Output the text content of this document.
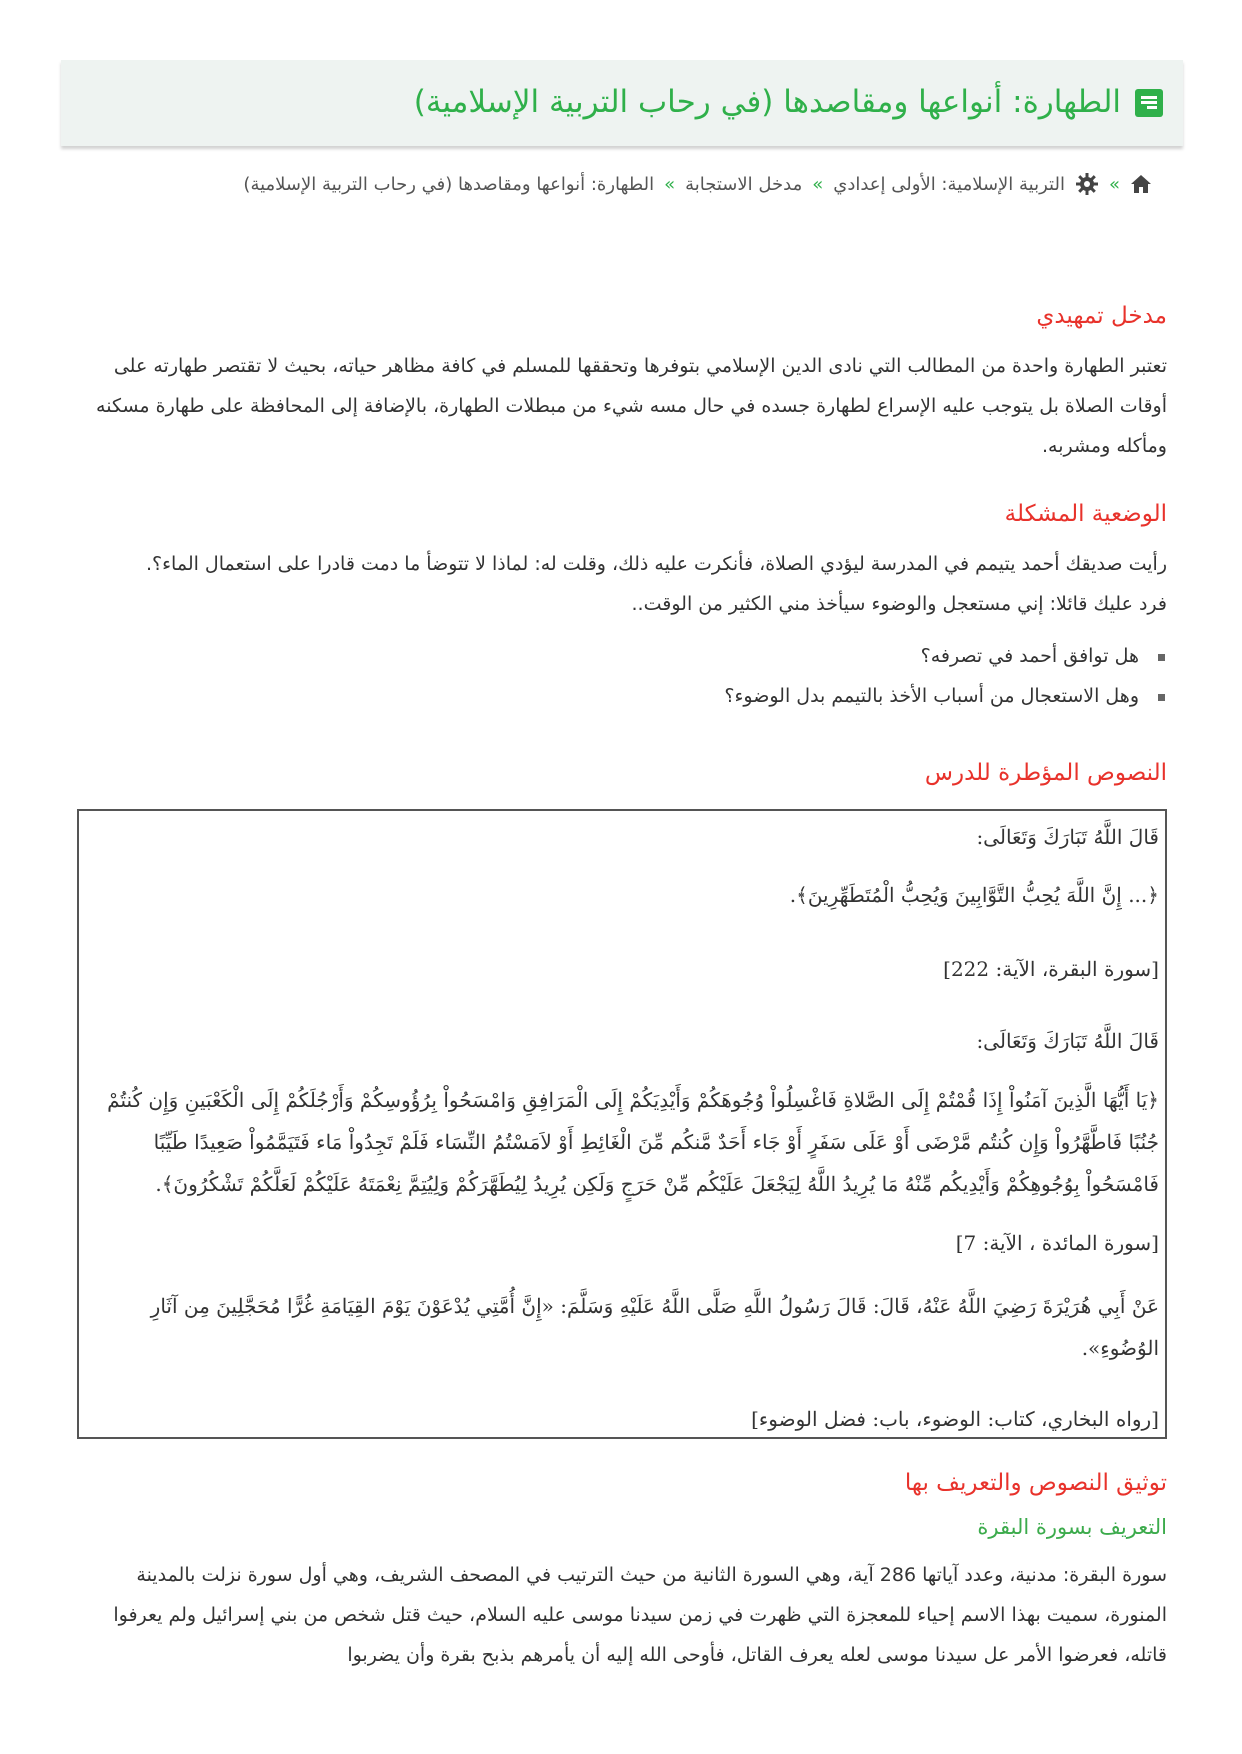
الطهارة: أنواعها ومقاصدها (في رحاب التربية الإسلامية)
»
التربية الإسلامية: الأولى إعدادي
»
مدخل الاستجابة
»
الطهارة: أنواعها ومقاصدها (في رحاب التربية الإسلامية)
مدخل تمهيدي

تعتبر الطهارة واحدة من المطالب التي نادى الدين الإسلامي بتوفرها وتحققها للمسلم في كافة مظاهر حياته، بحيث لا تقتصر طهارته على أوقات الصلاة بل يتوجب عليه الإسراع لطهارة جسده في حال مسه شيء من مبطلات الطهارة، بالإضافة إلى المحافظة على طهارة مسكنه ومأكله ومشربه.

الوضعية المشكلة

رأيت صديقك أحمد يتيمم في المدرسة ليؤدي الصلاة، فأنكرت عليه ذلك، وقلت له: لماذا لا تتوضأ ما دمت قادرا على استعمال الماء؟.

فرد عليك قائلا: إني مستعجل والوضوء سيأخذ مني الكثير من الوقت..

هل توافق أحمد في تصرفه؟
وهل الاستعجال من أسباب الأخذ بالتيمم بدل الوضوء؟
النصوص المؤطرة للدرس

قَالَ اللَّهُ تَبَارَكَ وَتَعَالَى:

﴿... إِنَّ اللَّهَ يُحِبُّ التَّوَّابِينَ وَيُحِبُّ الْمُتَطَهِّرِينَ﴾.

[سورة البقرة، الآية: 222]

قَالَ اللَّهُ تَبَارَكَ وَتَعَالَى:

﴿يَا أَيُّهَا الَّذِينَ آمَنُواْ إِذَا قُمْتُمْ إِلَى الصَّلاةِ فَاغْسِلُواْ وُجُوهَكُمْ وَأَيْدِيَكُمْ إِلَى الْمَرَافِقِ وَامْسَحُواْ بِرُؤُوسِكُمْ وَأَرْجُلَكُمْ إِلَى الْكَعْبَينِ وَإِن كُنتُمْ جُنُبًا فَاطَّهَّرُواْ وَإِن كُنتُم مَّرْضَى أَوْ عَلَى سَفَرٍ أَوْ جَاء أَحَدٌ مَّنكُم مِّنَ الْغَائِطِ أَوْ لاَمَسْتُمُ النِّسَاء فَلَمْ تَجِدُواْ مَاء فَتَيَمَّمُواْ صَعِيدًا طَيِّبًا فَامْسَحُواْ بِوُجُوهِكُمْ وَأَيْدِيكُم مِّنْهُ مَا يُرِيدُ اللَّهُ لِيَجْعَلَ عَلَيْكُم مِّنْ حَرَجٍ وَلَكِن يُرِيدُ لِيُطَهَّرَكُمْ وَلِيُتِمَّ نِعْمَتَهُ عَلَيْكُمْ لَعَلَّكُمْ تَشْكُرُونَ﴾.

[سورة المائدة ، الآية: 7]

عَنْ أَبِي هُرَيْرَةَ رَضِيَ اللَّهُ عَنْهُ، قَالَ: قَالَ رَسُولُ اللَّهِ صَلَّى اللَّهُ عَلَيْهِ وَسَلَّمَ: «إِنَّ أُمَّتِي يُدْعَوْنَ يَوْمَ القِيَامَةِ غُرًّا مُحَجَّلِينَ مِن آثَارِ الوُضُوءِ».

[رواه البخاري، كتاب: الوضوء، باب: فضل الوضوء]

توثيق النصوص والتعريف بها
التعريف بسورة البقرة

سورة البقرة: مدنية، وعدد آياتها 286 آية، وهي السورة الثانية من حيث الترتيب في المصحف الشريف، وهي أول سورة نزلت بالمدينة المنورة، سميت بهذا الاسم إحياء للمعجزة التي ظهرت في زمن سيدنا موسى عليه السلام، حيث قتل شخص من بني إسرائيل ولم يعرفوا قاتله، فعرضوا الأمر عل سيدنا موسى لعله يعرف القاتل، فأوحى الله إليه أن يأمرهم بذبح بقرة وأن يضربوا
